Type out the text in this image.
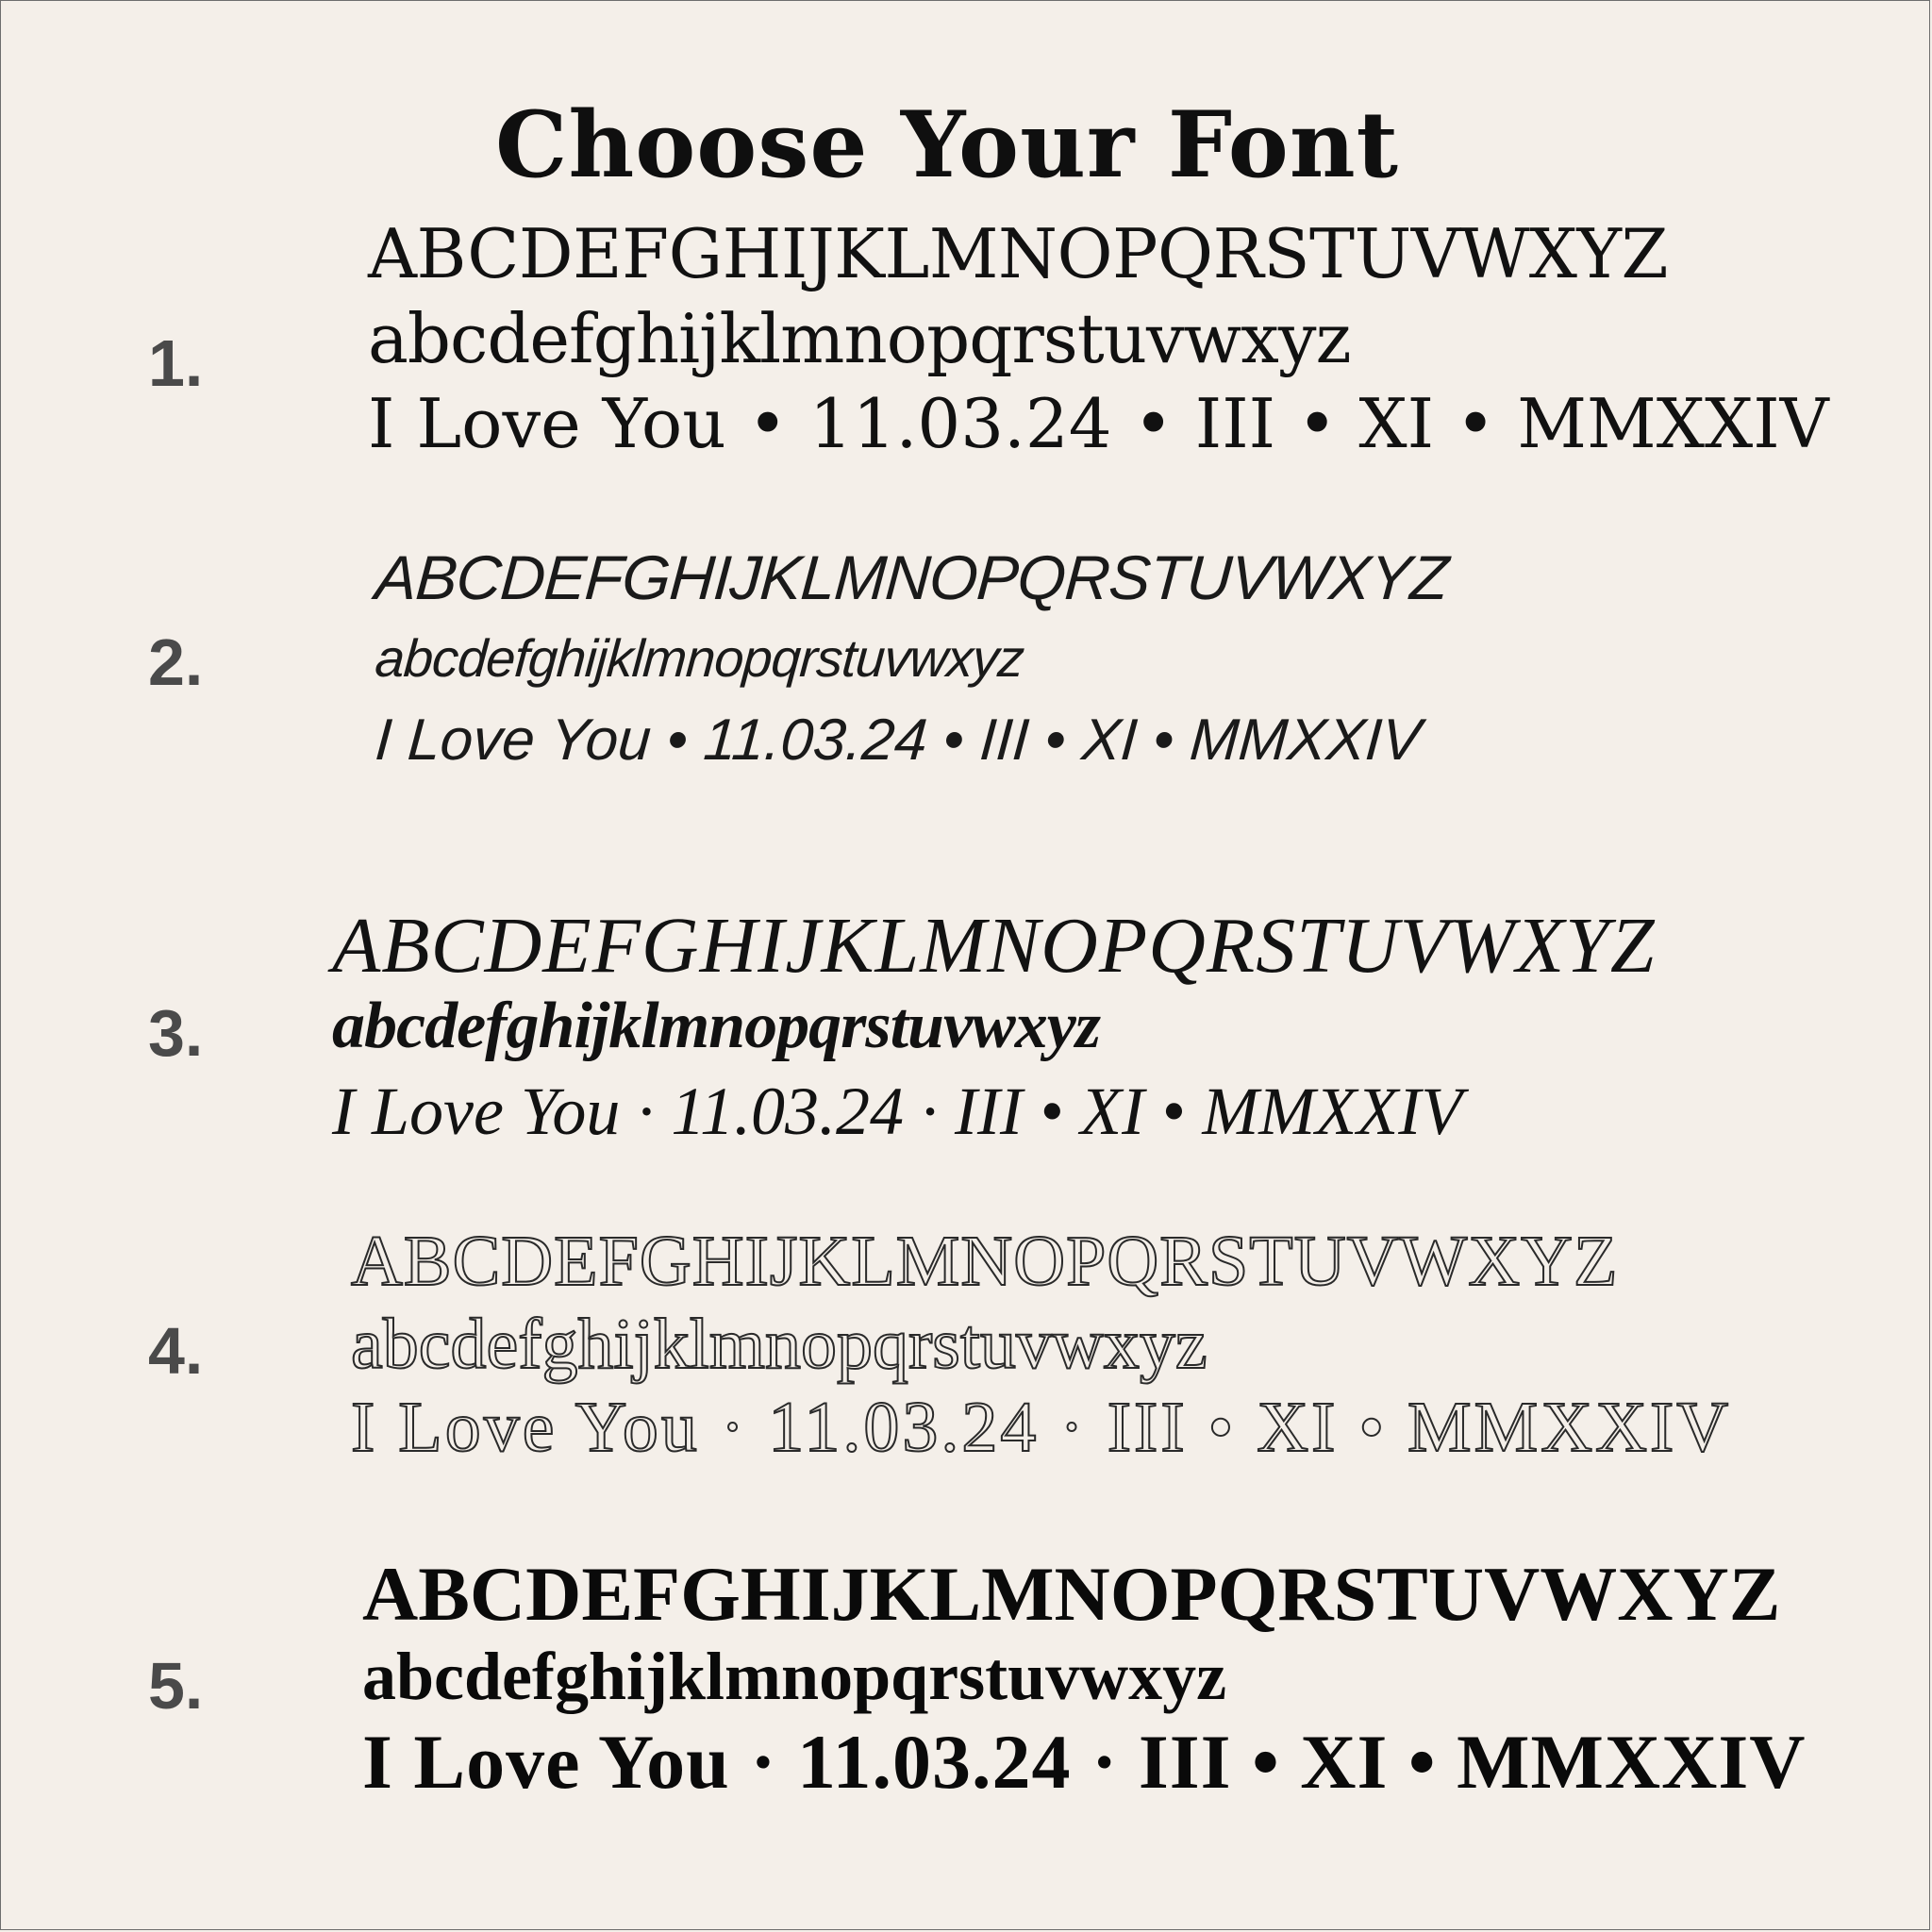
Choose Your Font
1.
ABCDEFGHIJKLMNOPQRSTUVWXYZ
abcdefghijklmnopqrstuvwxyz
I Love You • 11.03.24 • III • XI • MMXXIV
2.
ABCDEFGHIJKLMNOPQRSTUVWXYZ
abcdefghijklmnopqrstuvwxyz
I Love You • 11.03.24 • III • XI • MMXXIV
3.
ABCDEFGHIJKLMNOPQRSTUVWXYZ
abcdefghijklmnopqrstuvwxyz
I Love You · 11.03.24 · III • XI • MMXXIV
4.
ABCDEFGHIJKLMNOPQRSTUVWXYZ
abcdefghijklmnopqrstuvwxyz
I Love You · 11.03.24 · III • XI • MMXXIV
5.
ABCDEFGHIJKLMNOPQRSTUVWXYZ
abcdefghijklmnopqrstuvwxyz
I Love You · 11.03.24 · III • XI • MMXXIV
